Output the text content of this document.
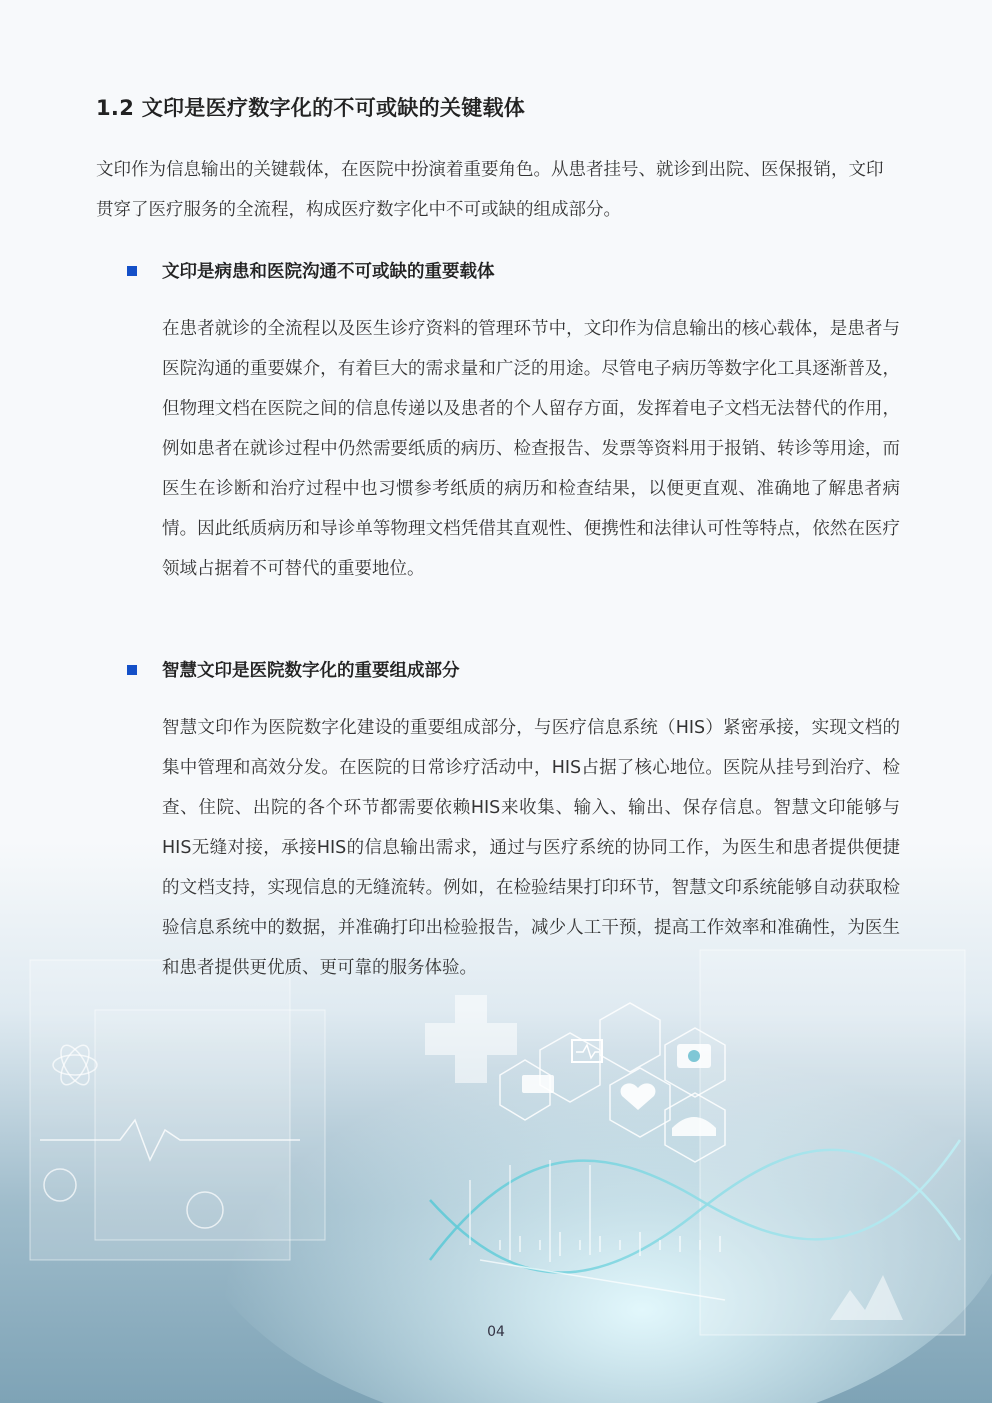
1.2 文印是医疗数字化的不可或缺的关键载体

文印作为信息输出的关键载体，在医院中扮演着重要角色。从患者挂号、就诊到出院、医保报销，文印贯穿了医疗服务的全流程，构成医疗数字化中不可或缺的组成部分。

文印是病患和医院沟通不可或缺的重要载体

在患者就诊的全流程以及医生诊疗资料的管理环节中，文印作为信息输出的核心载体，是患者与医院沟通的重要媒介，有着巨大的需求量和广泛的用途。尽管电子病历等数字化工具逐渐普及，但物理文档在医院之间的信息传递以及患者的个人留存方面，发挥着电子文档无法替代的作用，例如患者在就诊过程中仍然需要纸质的病历、检查报告、发票等资料用于报销、转诊等用途，而医生在诊断和治疗过程中也习惯参考纸质的病历和检查结果，以便更直观、准确地了解患者病情。因此纸质病历和导诊单等物理文档凭借其直观性、便携性和法律认可性等特点，依然在医疗领域占据着不可替代的重要地位。

智慧文印是医院数字化的重要组成部分

智慧文印作为医院数字化建设的重要组成部分，与医疗信息系统（HIS）紧密承接，实现文档的集中管理和高效分发。在医院的日常诊疗活动中，HIS占据了核心地位。医院从挂号到治疗、检查、住院、出院的各个环节都需要依赖HIS来收集、输入、输出、保存信息。智慧文印能够与HIS无缝对接，承接HIS的信息输出需求，通过与医疗系统的协同工作，为医生和患者提供便捷的文档支持，实现信息的无缝流转。例如，在检验结果打印环节，智慧文印系统能够自动获取检验信息系统中的数据，并准确打印出检验报告，减少人工干预，提高工作效率和准确性，为医生和患者提供更优质、更可靠的服务体验。

04
